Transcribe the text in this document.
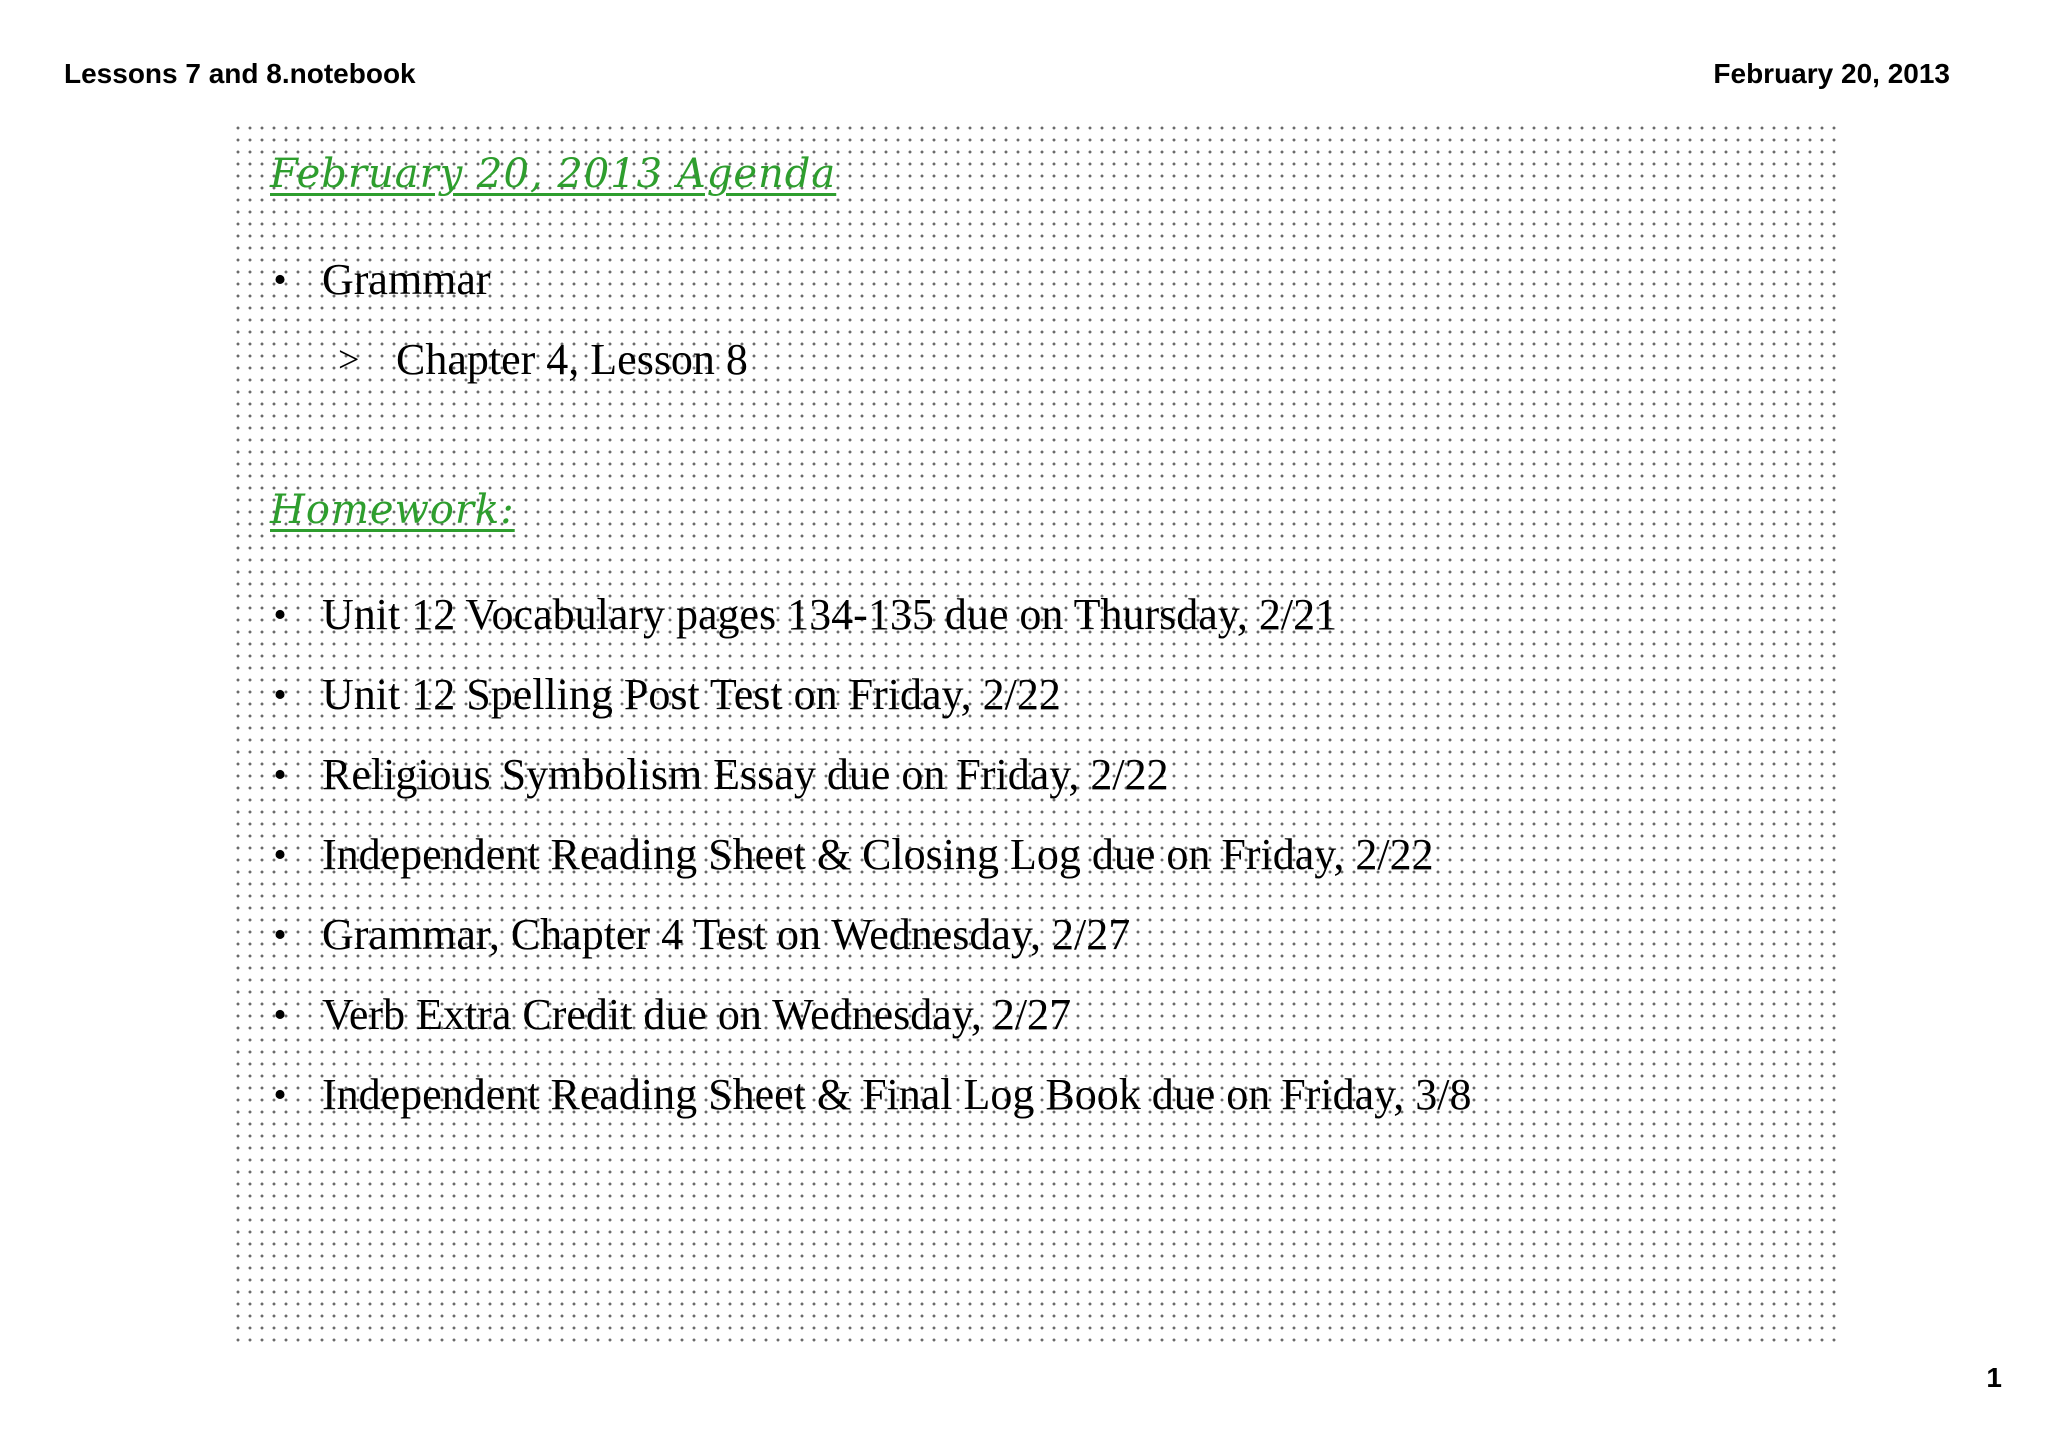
Lessons 7 and 8.notebook	February 20, 2013
February 20, 2013 Agenda
• Grammar
> Chapter 4, Lesson 8
Homework:
• Unit 12 Vocabulary pages 134-135 due on Thursday, 2/21
• Unit 12 Spelling Post Test on Friday, 2/22
• Religious Symbolism Essay due on Friday, 2/22
• Independent Reading Sheet & Closing Log due on Friday, 2/22
• Grammar, Chapter 4 Test on Wednesday, 2/27
• Verb Extra Credit due on Wednesday, 2/27
• Independent Reading Sheet & Final Log Book due on Friday, 3/8
1
